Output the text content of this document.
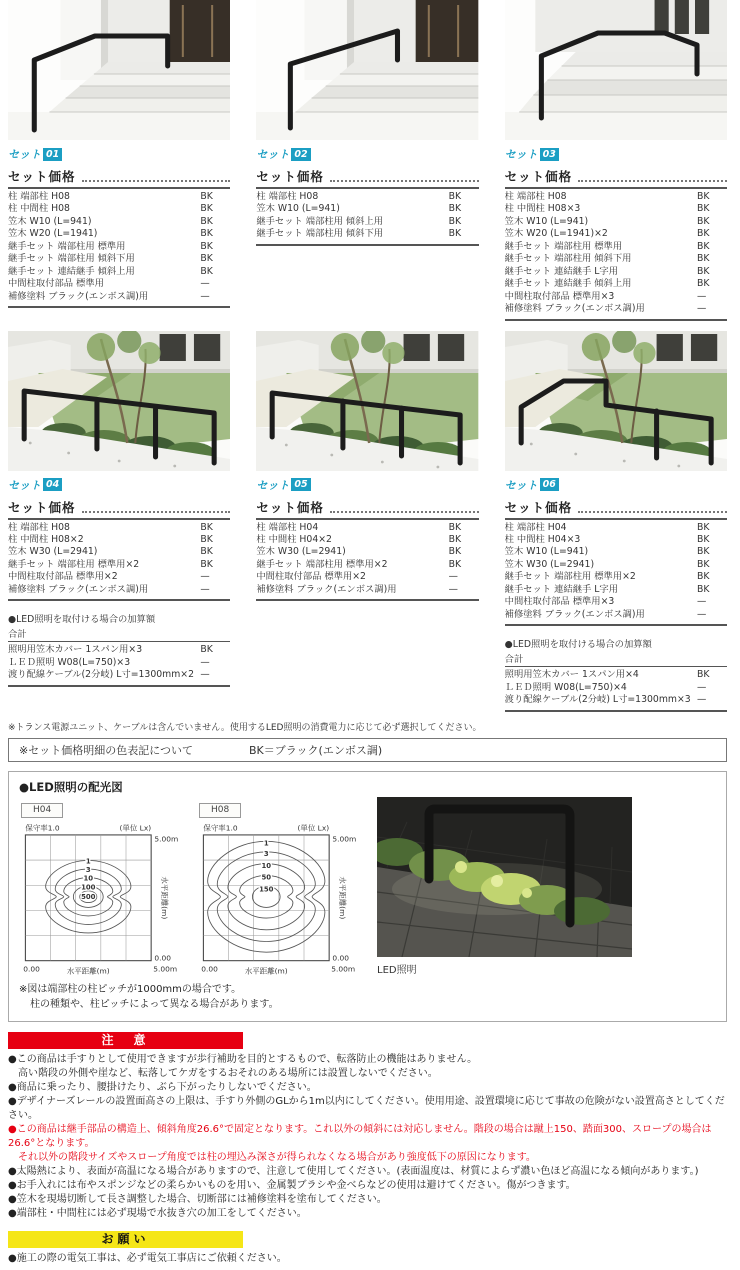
セット 01
セット価格
柱 端部柱 H08	BK
柱 中間柱 H08	BK
笠木 W10 (L=941)	BK
笠木 W20 (L=1941)	BK
継手セット 端部柱用 標準用	BK
継手セット 端部柱用 傾斜下用	BK
継手セット 連結継手 傾斜上用	BK
中間柱取付部品 標準用	—
補修塗料 ブラック(エンボス調)用	—
セット 02
セット価格
柱 端部柱 H08	BK
笠木 W10 (L=941)	BK
継手セット 端部柱用 傾斜上用	BK
継手セット 端部柱用 傾斜下用	BK
セット 03
セット価格
柱 端部柱 H08	BK
柱 中間柱 H08×3	BK
笠木 W10 (L=941)	BK
笠木 W20 (L=1941)×2	BK
継手セット 端部柱用 標準用	BK
継手セット 端部柱用 傾斜下用	BK
継手セット 連結継手 L字用	BK
継手セット 連結継手 傾斜上用	BK
中間柱取付部品 標準用×3	—
補修塗料 ブラック(エンボス調)用	—
セット 04
セット価格
柱 端部柱 H08	BK
柱 中間柱 H08×2	BK
笠木 W30 (L=2941)	BK
継手セット 端部柱用 標準用×2	BK
中間柱取付部品 標準用×2	—
補修塗料 ブラック(エンボス調)用	—
●LED照明を取付ける場合の加算額
合計
照明用笠木カバー 1スパン用×3	BK
ＬＥＤ照明 W08(L=750)×3	—
渡り配線ケーブル(2分岐) L寸=1300mm×2 —
セット 05
セット価格
柱 端部柱 H04	BK
柱 中間柱 H04×2	BK
笠木 W30 (L=2941)	BK
継手セット 端部柱用 標準用×2	BK
中間柱取付部品 標準用×2	—
補修塗料 ブラック(エンボス調)用	—
セット 06
セット価格
柱 端部柱 H04	BK
柱 中間柱 H04×3	BK
笠木 W10 (L=941)	BK
笠木 W30 (L=2941)	BK
継手セット 端部柱用 標準用×2	BK
継手セット 連結継手 L字用	BK
中間柱取付部品 標準用×3	—
補修塗料 ブラック(エンボス調)用	—
●LED照明を取付ける場合の加算額
合計
照明用笠木カバー 1スパン用×4	BK
ＬＥＤ照明 W08(L=750)×4	—
渡り配線ケーブル(2分岐) L寸=1300mm×3 —
※トランス電源ユニット、ケーブルは含んでいません。使用するLED照明の消費電力に応じて必ず選択してください。
※セット価格明細の色表記について	BK＝ブラック(エンボス調)
●LED照明の配光図
H04
保守率1.0	(単位 Lx)
1
3
10
100
500
5.00m
水平距離(m)
0.00
0.00	水平距離(m)	5.00m
H08
保守率1.0	(単位 Lx)
1
3
10
50
150
5.00m
水平距離(m)
0.00
0.00	水平距離(m)	5.00m
※図は端部柱の柱ピッチが1000mmの場合です。
柱の種類や、柱ピッチによって異なる場合があります。
LED照明
注　意
●この商品は手すりとして使用できますが歩行補助を目的とするもので、転落防止の機能はありません。
高い階段の外側や崖など、転落してケガをするおそれのある場所には設置しないでください。
●商品に乗ったり、腰掛けたり、ぶら下がったりしないでください。
●デザイナーズレールの設置面高さの上限は、手すり外側のGLから1m以内にしてください。使用用途、設置環境に応じて事故の危険がない設置高さとしてください。
●この商品は継手部品の構造上、傾斜角度26.6°で固定となります。これ以外の傾斜には対応しません。階段の場合は蹴上150、踏面300、スロープの場合は26.6°となります。
それ以外の階段サイズやスロープ角度では柱の埋込み深さが得られなくなる場合があり強度低下の原因になります。
●太陽熱により、表面が高温になる場合がありますので、注意して使用してください。(表面温度は、材質によらず濃い色ほど高温になる傾向があります。)
●お手入れには布やスポンジなどの柔らかいものを用い、金属製ブラシや金べらなどの使用は避けてください。傷がつきます。
●笠木を現場切断して長さ調整した場合、切断部には補修塗料を塗布してください。
●端部柱・中間柱には必ず現場で水抜き穴の加工をしてください。
お願い
●施工の際の電気工事は、必ず電気工事店にご依頼ください。
